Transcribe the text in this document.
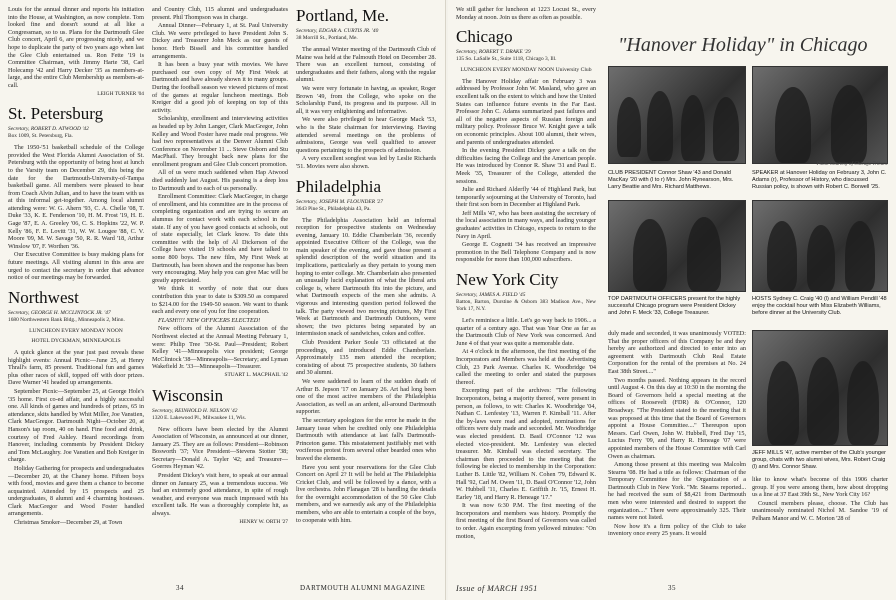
Louis for the annual dinner and reports his initiation into the House, at Washington, as now complete. Tom looked fine and doesn't sound at all like a Congressman, so to us. Plans for the Dartmouth Glee Club concert, April 6, are progressing nicely, and we hope to duplicate the party of two years ago when last the Glee Club entertained us. Ron Fette '19 is Committee Chairman, with Jimmy Harte '38, Carl Holecamp '42 and Harry Decker '35 as members-at-large, and the entire Club Membership as members-at-call.

LEIGH TURNER '04
St. Petersburg
Secretary, ROBERT D. ATWOOD '42
Box 1009, St. Petersburg, Fla.

The 1950-'51 basketball schedule of the College provided the West Florida Alumni Association of St. Petersburg with the opportunity of being host at lunch to the Varsity team on December 29, this being the date for the Dartmouth-University-of-Tampa basketball game. All members were pleased to hear from Coach Alvin Julian, and to have the team with us at this informal get-together. Among local alumni attending were: W. G. Ahern '93, C. A. Chelle '08, T. Duke '33, K. E. Fenderson '10, H. M. Frost '19, H. E. Gage '87, E. A. Greeley '06, C. S. Hopkins '22, W. P. Kelly '86, F. E. Lovitt '31, W. W. Lougee '88, C. V. Moore '09, M. W. Savage '50, R. R. Ward '18, Arthur Winslow '07, F. Worthen '36.

Our Executive Committee is busy making plans for future meetings. All visiting alumni in this area are urged to contact the secretary in order that advance notice of our meetings may be forwarded.

Northwest
Secretary, GEORGE H. MCCLINTOCK JR. '47
1680 Northwestern Bank Bldg., Minneapolis 2, Minn.
LUNCHEON EVERY MONDAY NOON
HOTEL DYCKMAN, MINNEAPOLIS

A quick glance at the year just past reveals these highlight events: Annual Picnic—June 25, at Henry Thrall's farm, 85 present. Traditional fun and games plus other races of skill, topped off with door prizes. Dave Warner '41 headed up arrangements.

September Picnic—September 25, at George Hole's '35 home. First co-ed affair, and a highly successful one. All kinds of games and hundreds of prizes, 65 in attendance, skits handled by Whit Miller, Joe Vanstien, Clark MacGregor. Dartmouth Night—October 20, at Hanson's tap room, 40 on hand. Fine food and drink, courtesy of Fred Ashley. Heard recordings from Hanover, including comments by President Dickey and Tom McLaughry. Joe Vanstien and Bob Kreiger in charge.

Holiday Gathering for prospects and undergraduates—December 20, at the Chaney home. Fifteen boys with food, movies and gave them a chance to become acquainted. Attended by 15 prospects and 25 undergraduates, 8 alumni and 4 charming hostesses. Clark MacGregor and Wood Foster handled arrangements.

Christmas Smoker—December 29, at Town

and Country Club, 115 alumni and undergraduates present. Phil Thompson was in charge.

Annual Dinner—February 1, at St. Paul University Club. We were privileged to have President John S. Dickey and Treasurer John Meck as our guests of honor. Herb Bissell and his committee handled arrangements.

It has been a busy year with movies. We have purchased our own copy of My First Week at Dartmouth and have already shown it to many groups. During the football season we viewed pictures of most of the games at regular luncheon meetings. Bob Kreiger did a good job of keeping on top of this activity.

Scholarship, enrollment and interviewing activities as headed up by John Langer, Clark MacGregor, John Kelley and Wood Foster have made real progress. We had two representatives at the Denver Alumni Club Conference on November 11 ... Steve Osborn and Stu MacPhail. They brought back new plans for the enrollment program and Glee Club concert promotion.

All of us were much saddened when Hap Atwood died suddenly last August. His passing is a deep loss to Dartmouth and to each of us personally.

Enrollment Committee: Clark MacGregor, in charge of enrollment, and his committee are in the process of completing organization and are trying to secure an alumnus for contact work with each school in the state. If any of you have good contacts at schools, out of state especially, let Clark know. To date this committee with the help of Al Dickerson of the College have visited 19 schools and have talked to some 800 boys. The new film, My First Week at Dartmouth, has been shown and the response has been very encouraging. May help you can give Mac will be greatly appreciated.

We think it worthy of note that our dues contribution this year to date is $309.50 as compared to $214.00 for the 1949-50 season. We want to thank each and every one of you for fine cooperation.

FLASH!!!! NEW OFFICERS ELECTED!

New officers of the Alumni Association of the Northwest elected at the Annual Meeting February 1, were: Philip Tree '30-St. Paul—President; Robert Kelley '41—Minneapolis vice president; George McClintock '38—Minneapolis—Secretary; and Lyman Wakefield Jr. '33—Minneapolis—Treasurer.

STUART L. MACPHAIL '42
Wisconsin
Secretary, REINHOLD H. NELSON '42
1320 E. Lakewood Pl., Milwaukee 11, Wis.

New officers have been elected by the Alumni Association of Wisconsin, as announced at our dinner, January 25. They are as follows: President—Robinson Bosworth '37; Vice President—Stevens Stotter '38; Secretary—Donald A. Tayler '42; and Treasurer—Goerres Heyman '42.

President Dickey's visit here, to speak at our annual dinner on January 25, was a tremendous success. We had an extremely good attendance, in spite of rough weather, and everyone was much impressed with his excellent talk. He was a thoroughly complete hit, as always.

HENRY W. ORTH '27
Portland, Me.
Secretary, EDGAR A. CURTIS JR. '40
38 Morrill St., Portland, Me.

The annual Winter meeting of the Dartmouth Club of Maine was held at the Falmouth Hotel on December 28. There was an excellent turnout, consisting of undergraduates and their fathers, along with the regular alumni.

We were very fortunate in having, as speaker, Roger Brown '49, from the College, who spoke on the Scholarship Fund, its progress and its purpose. All in all, it was very enlightening and informative.

We were also privileged to hear George Mack '53, who is the State chairman for interviewing. Having attended several meetings on the problems of admissions, George was well qualified to answer questions pertaining to the prospects of admission.

A very excellent songfest was led by Leslie Richards '51. Movies were also shown.

Philadelphia
Secretary, JOSEPH M. FLOUNDER '27
3643 Pine St., Philadelphia 43, Pa.

The Philadelphia Association held an informal reception for prospective students on Wednesday evening, January 10. Eddie Chamberlain '36, recently appointed Executive Officer of the College, was the main speaker of the evening, and gave those present a splendid description of the world situation and its implications, particularly as they pertain to young men hoping to enter college. Mr. Chamberlain also presented an unusually lucid explanation of what the liberal arts college is, where Dartmouth fits into the picture, and what Dartmouth expects of the men she admits. A vigorous and interesting question period followed the talk. The party viewed two moving pictures, My First Week at Dartmouth and Dartmouth Outdoors, were shown; the two pictures being separated by an intermission snack of sandwiches, cokes and coffee.

Club President Parker Soule '33 officiated at the proceedings, and introduced Eddie Chamberlain. Approximately 135 men attended the reception; consisting of about 75 prospective students, 30 fathers and 30 alumni.

We were saddened to learn of the sudden death of Arthur B. Jepson '17 on January 26. Art had long been one of the most active members of the Philadelphia Association, as well as an ardent, all-around Dartmouth supporter.

The secretary apologizes for the error he made in the January issue when he credited only one Philadelphia Dartmouth with attendance at last fall's Dartmouth-Princeton game. This misstatement justifiably met with vociferous protest from several other bearded ones who braved the elements.

Have you sent your reservations for the Glee Club Concert on April 2? It will be held at The Philadelphia Cricket Club, and will be followed by a dance, with a live orchestra. John Flanagan '28 is handling the details for the overnight accommodation of the 50 Glee Club members, and we earnestly ask any of the Philadelphia members, who are able to entertain a couple of the boys, to cooperate with him.

34	DARTMOUTH ALUMNI MAGAZINE

We still gather for luncheon at 1223 Locust St., every Monday at noon. Join us there as often as possible.

Chicago
Secretary, ROBERT T. DRAKE '29
135 So. LaSalle St., Suite 1118, Chicago 3, Ill.
LUNCHEON EVERY MONDAY NOON University Club

The Hanover Holiday affair on February 3 was addressed by Professor John W. Masland, who gave an excellent talk on the extent to which and how the United States can influence future events in the Far East. Professor John C. Adams summarized past failures and all of the negative aspects of Russian foreign and military policy. Professor Bruce W. Knight gave a talk on economic principles. About 100 alumni, their wives, and parents of undergraduates attended.

In the evening President Dickey gave a talk on the difficulties facing the College and the American people. He was introduced by Connor R. Shaw '31 and Paul E. Meek '35, Treasurer of the College, attended the sessions.

Julie and Richard Alderfly '44 of Highland Park, but temporarily sojourning at the University of Toronto, had their first son born in December at Highland Park.

Jeff Mills '47, who has been assisting the secretary of the local association in many ways, and leading younger graduates' activities in Chicago, expects to return to the Navy in April.

George E. Cognetti '34 has received an impressive promotion in the Bell Telephone Company and is now responsible for more than 100,000 subscribers.

New York City
Secretary, JAMES A. FIELD '45
Batton, Barton, Durstine & Osborn 383 Madison Ave., New York 17, N.Y.

Let's reminisce a little. Let's go way back to 1906... a quarter of a century ago. That was Year One as far as the Dartmouth Club of New York was concerned. And June 4 of that year was quite a memorable date.

At 4 o'clock in the afternoon, the first meeting of the Incorporators and Members was held at the Advertising Club, 23 Park Avenue. Charles K. Woodbridge '04 called the meeting to order and stated the purposes thereof.

Excerpting part of the archives: "The following Incorporators, being a majority thereof, were present in person, as follows, to wit: Charles K. Woodbridge '04, Nathan C. Lenfestey '13, Warren F. Kimball '11. After the by-laws were read and adopted, nominations for officers were duly made and seconded. Mr. Woodbridge was elected president. D. Basil O'Connor '12 was elected vice-president. Mr. Lenfestey was elected treasurer. Mr. Kimball was elected secretary. The chairman then proceeded to the meeting that the following be elected to membership in the Corporation: Luther B. Little '82, William N. Cohen '79, Edward K. Hall '92, Carl M. Owen '11, D. Basil O'Connor '12, John W. Hubbell '11, Charles E. Griffith Jr. '15, Ernest H. Earley '18, and Harry R. Heneage '17."

It was now 6:30 P.M. The first meeting of the Incorporators and members was history. Promptly the first meeting of the first Board of Governors was called to order. Again excerpting from yellowed minutes: "On motion,

"Hanover Holiday" in Chicago
CLUB PRESIDENT Connor Shaw '43 and Donald MacKay '20 with (l to r) Mrs. John Rynearson, Mrs. Larry Beattie and Mrs. Richard Matthews.
Photo Courtesy of Chicago Tribune
SPEAKER at Hanover Holiday on February 3, John C. Adams (r), Professor of History, who discussed Russian policy, is shown with Robert C. Borwell '25.
TOP DARTMOUTH OFFICERS present for the highly successful Chicago program were President Dickey and John F. Meck '33, College Treasurer.
HOSTS Sydney C. Craig '40 (l) and William Pendill '48 enjoy the cocktail hour with Miss Elizabeth Williams, before dinner at the University Club.

duly made and seconded, it was unanimously VOTED: That the proper officers of this Company be and they hereby are authorized and directed to enter into an agreement with Dartmouth Club Real Estate Corporation for the rental of the premises at No. 24 East 38th Street...."

Two months passed. Nothing appears in the record until August 4. On this day at 10:30 in the morning the Board of Governors held a special meeting at the offices of Roosevelt (FDR) & O'Connor, 120 Broadway. "The President stated to the meeting that it was proposed at this time that the Board of Governors appoint a House Committee...." Thereupon upon Messrs. Carl Owen, John W. Hubbell, Fred Day '15, Lucius Ferry '09, and Harry R. Heneage '07 were appointed members of the House Committee with Carl Owen as chairman.

Among those present at this meeting was Malcolm Stearns '08. He had a title as follows: Chairman of the Temporary Committee for the Organization of a Dartmouth Club in New York. "Mr. Stearns reported... he had received the sum of $8,421 from Dartmouth men who were interested and desired to support the organization...." There were approximately 325. Their names were not listed.

Now how it's a firm policy of the Club to take inventory once every 25 years. It would

JEFF MILLS '47, active member of the Club's younger group, chats with two alumni wives, Mrs. Robert Craig (l) and Mrs. Connor Shaw.

like to know what's become of this 1906 charter group. If you were among them, how about dropping us a line at 37 East 39th St., New York City 16?

Council members please, choose. The Club has unanimously nominated Nichol M. Sandoe '19 of Pelham Manor and W. C. Morton '28 of

Issue of MARCH 1951	35
